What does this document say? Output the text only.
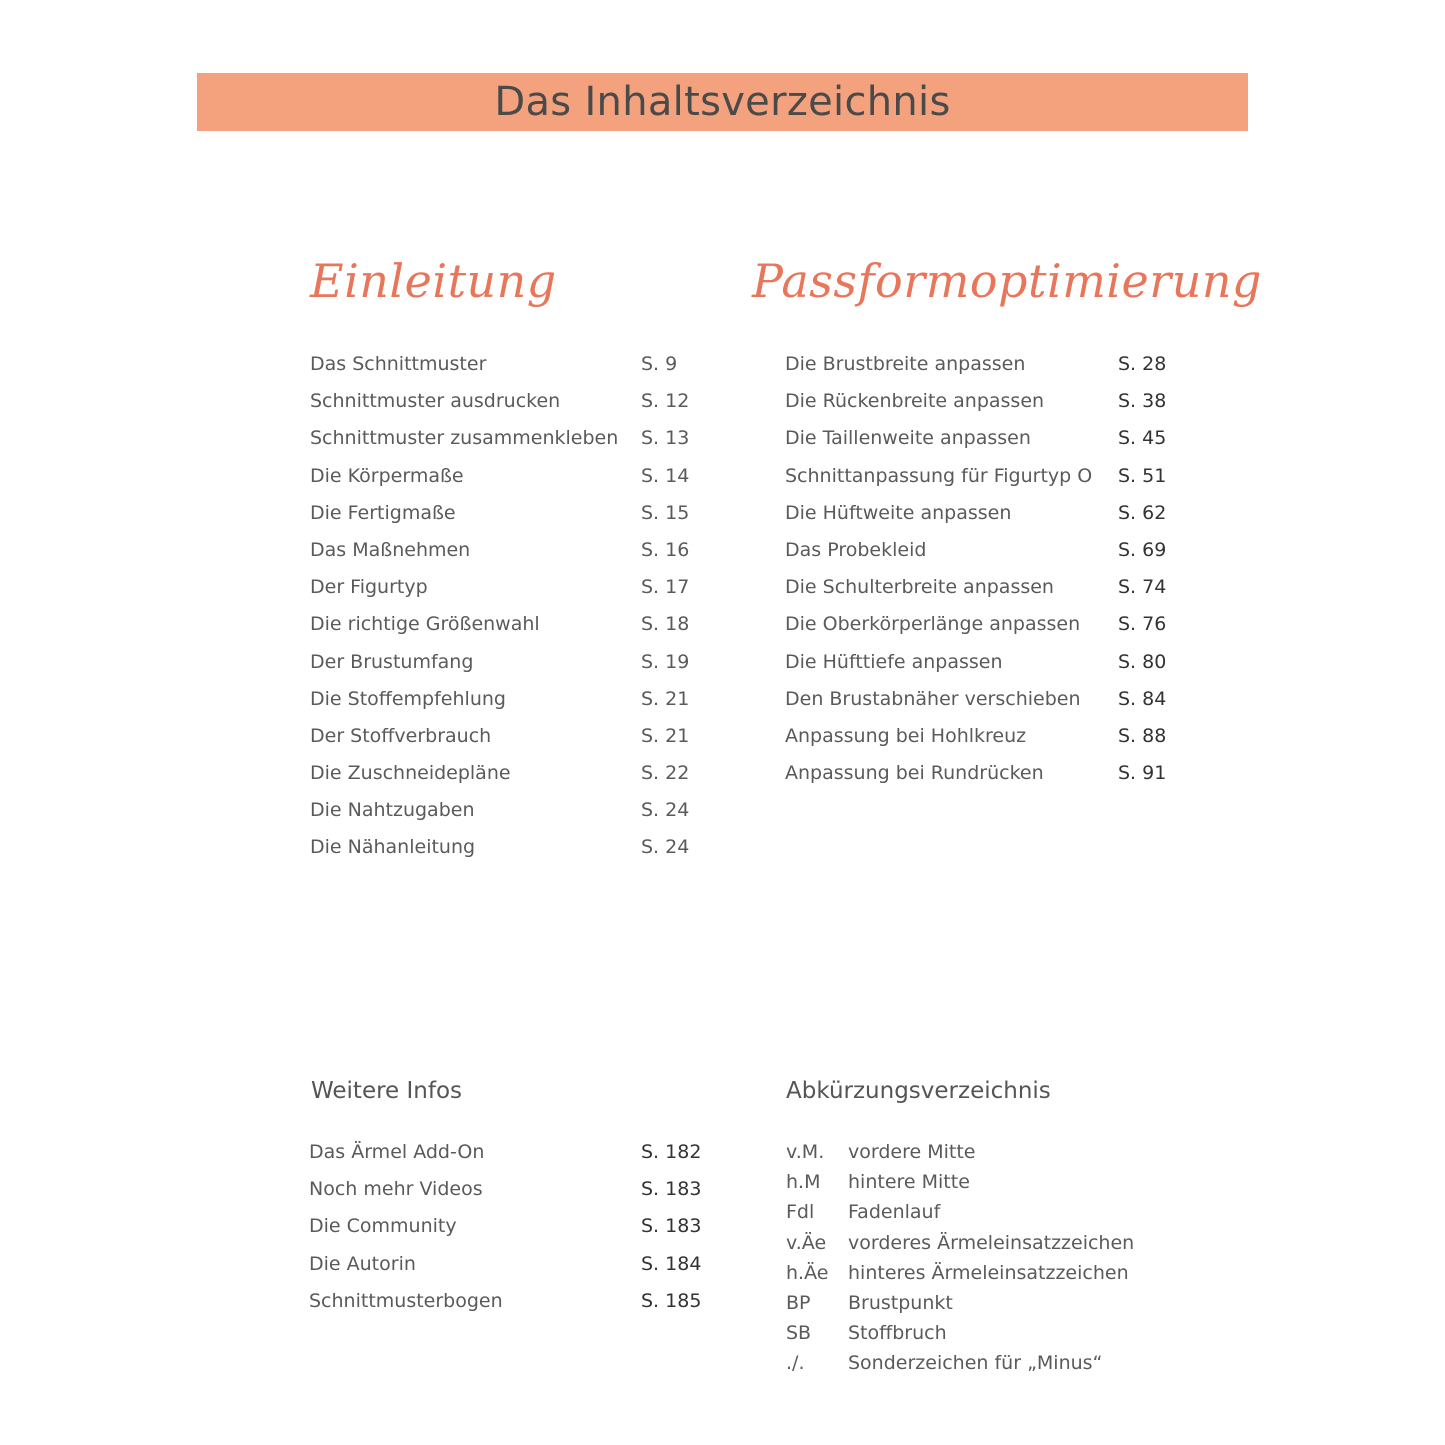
Das Inhaltsverzeichnis
Einleitung	Passformoptimierung
Das Schnittmuster	S. 9
Schnittmuster ausdrucken	S. 12
Schnittmuster zusammenkleben S. 13
Die Körpermaße	S. 14
Die Fertigmaße	S. 15
Das Maßnehmen	S. 16
Der Figurtyp	S. 17
Die richtige Größenwahl	S. 18
Der Brustumfang	S. 19
Die Stoffempfehlung	S. 21
Der Stoffverbrauch	S. 21
Die Zuschneidepläne	S. 22
Die Nahtzugaben	S. 24
Die Nähanleitung	S. 24
Die Brustbreite anpassen	S. 28
Die Rückenbreite anpassen	S. 38
Die Taillenweite anpassen	S. 45
Schnittanpassung für Figurtyp O S. 51
Die Hüftweite anpassen	S. 62
Das Probekleid	S. 69
Die Schulterbreite anpassen	S. 74
Die Oberkörperlänge anpassen S. 76
Die Hüfttiefe anpassen	S. 80
Den Brustabnäher verschieben S. 84
Anpassung bei Hohlkreuz	S. 88
Anpassung bei Rundrücken	S. 91
Weitere Infos	Abkürzungsverzeichnis
Das Ärmel Add-On	S. 182
Noch mehr Videos	S. 183
Die Community	S. 183
Die Autorin	S. 184
Schnittmusterbogen	S. 185
v.M. vordere Mitte
h.M hintere Mitte
Fdl Fadenlauf
v.Äe vorderes Ärmeleinsatzzeichen
h.Äe hinteres Ärmeleinsatzzeichen
BP Brustpunkt
SB Stoffbruch
./. Sonderzeichen für „Minus“
